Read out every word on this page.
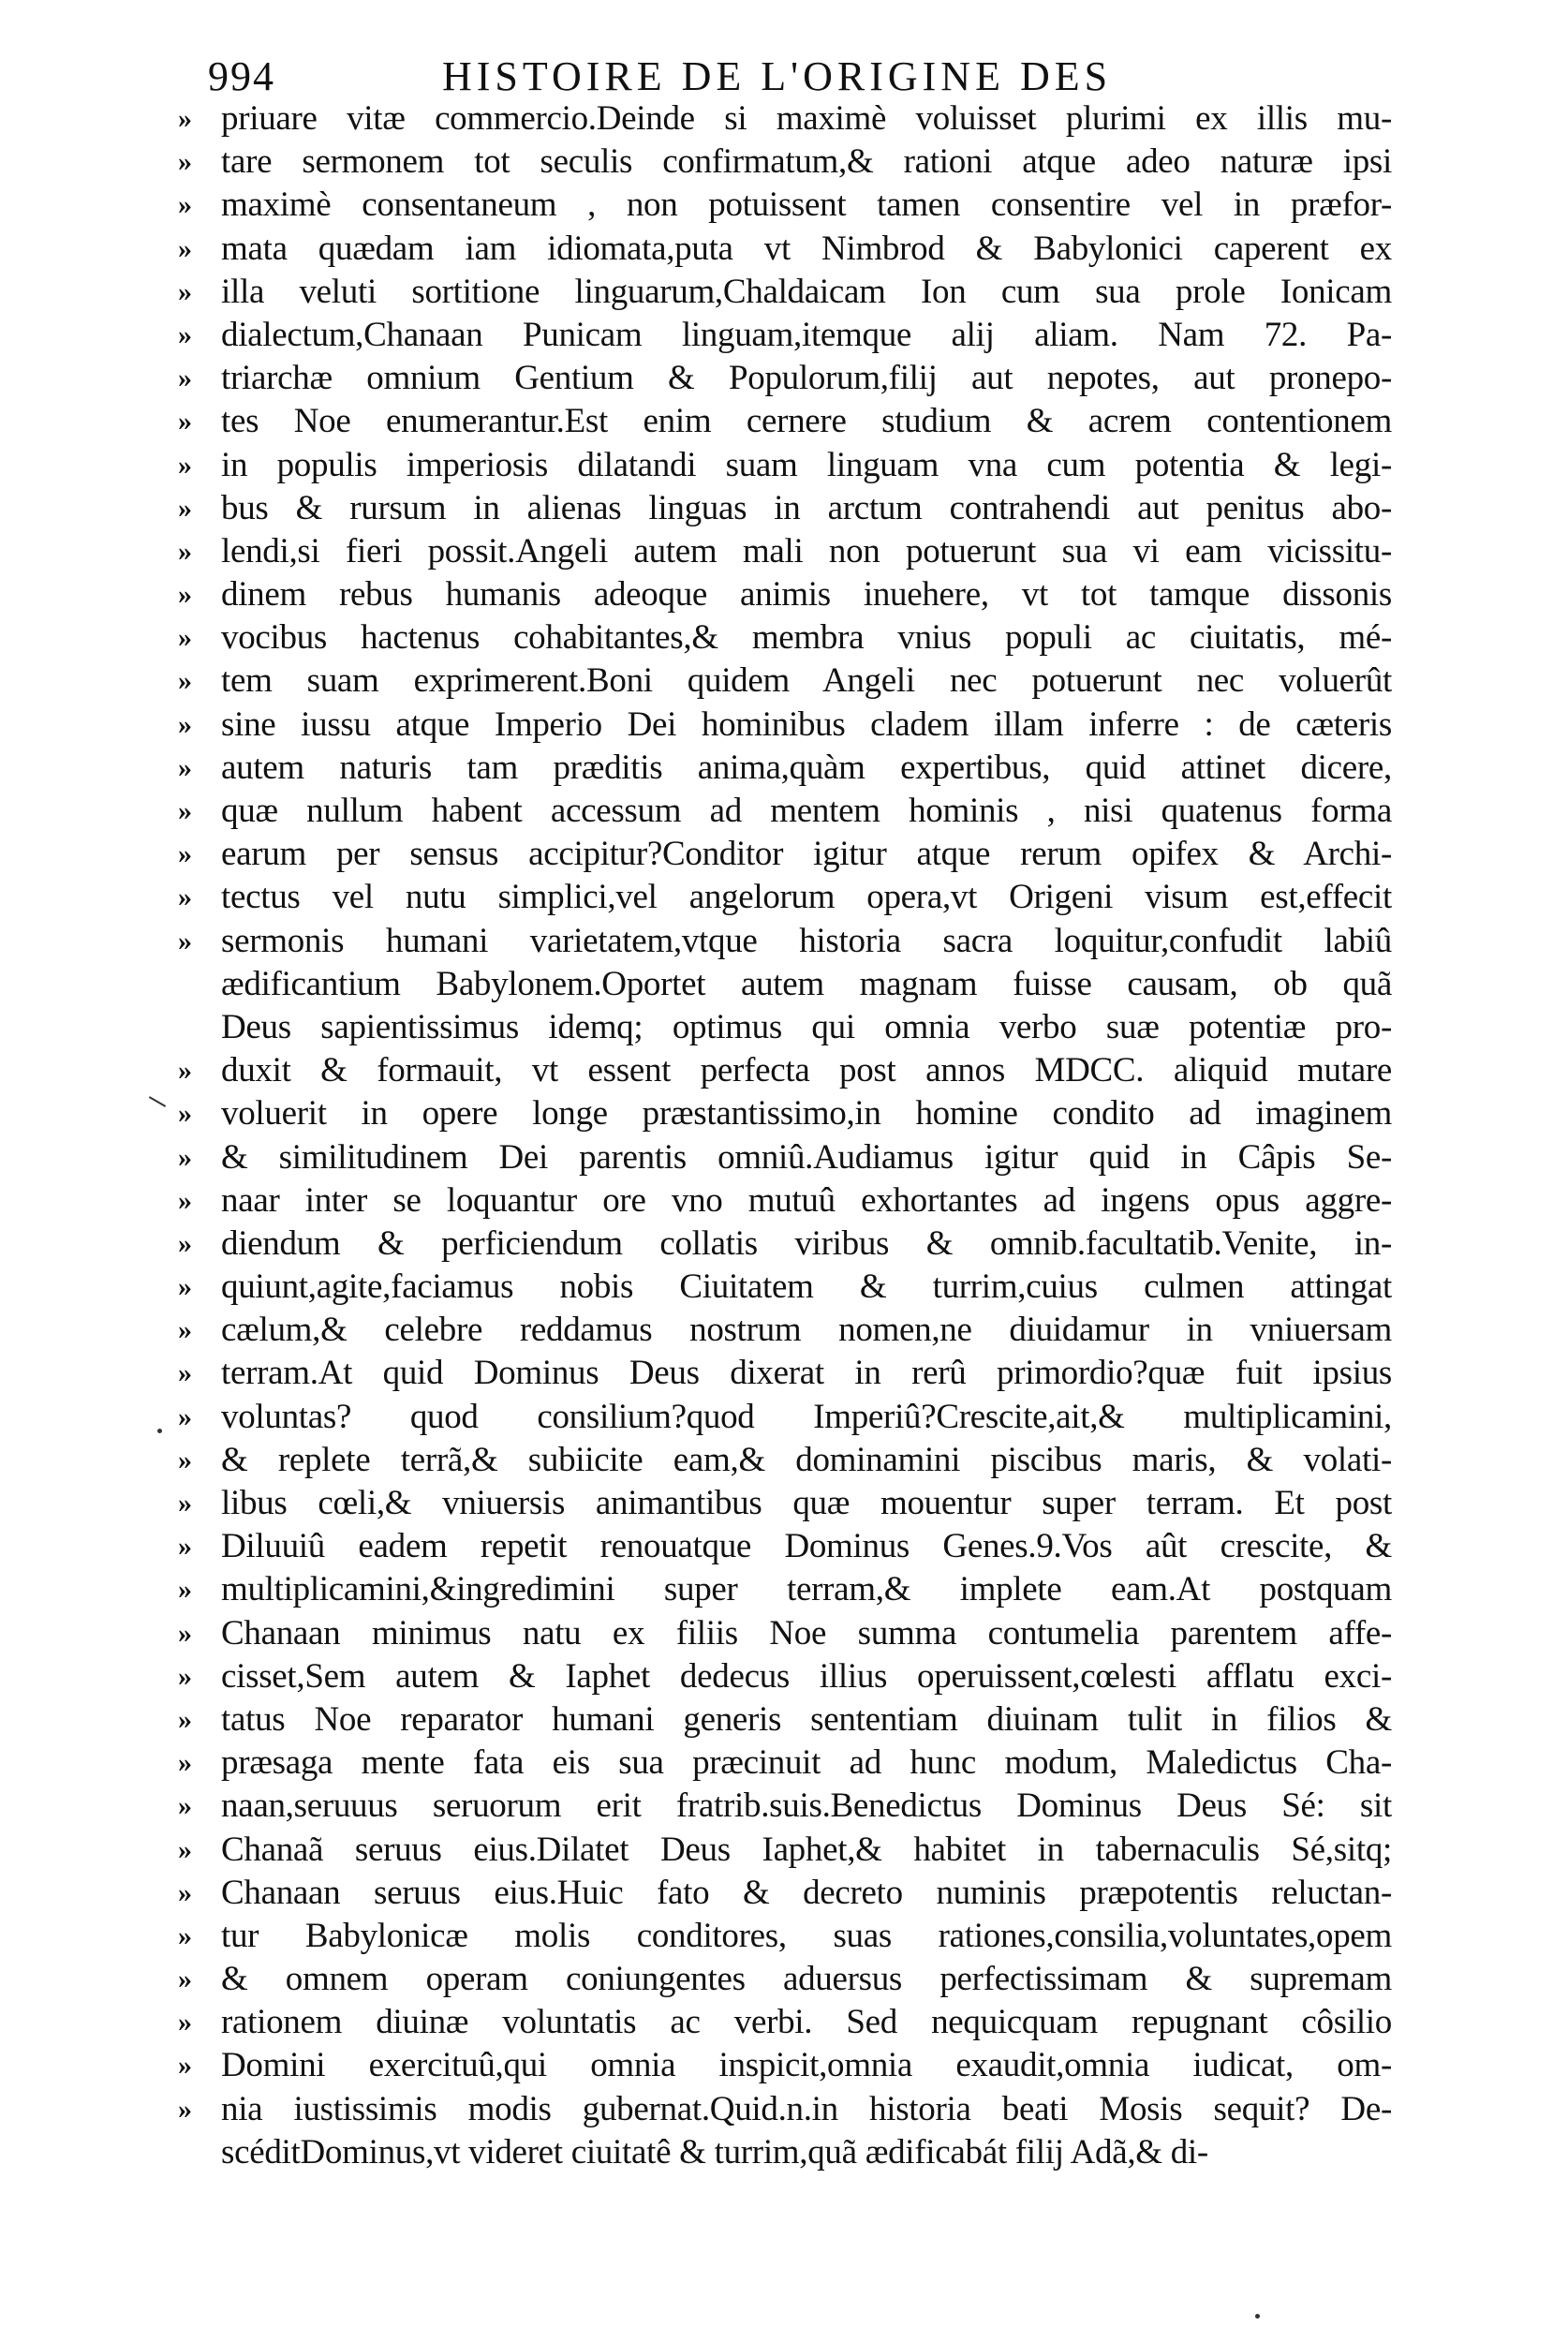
994	HISTOIRE DE L'ORIGINE DES
» priuare vitæ commercio.Deinde si maximè voluisset plurimi ex illis mu-
» tare sermonem tot seculis confirmatum,& rationi atque adeo naturæ ipsi
» maximè consentaneum , non potuissent tamen consentire vel in præfor-
» mata quædam iam idiomata,puta vt Nimbrod & Babylonici caperent ex
» illa veluti sortitione linguarum,Chaldaicam Ion cum sua prole Ionicam
» dialectum,Chanaan Punicam linguam,itemque alij aliam. Nam 72. Pa-
» triarchæ omnium Gentium & Populorum,filij aut nepotes, aut pronepo-
» tes Noe enumerantur.Est enim cernere studium & acrem contentionem
» in populis imperiosis dilatandi suam linguam vna cum potentia & legi-
» bus & rursum in alienas linguas in arctum contrahendi aut penitus abo-
» lendi,si fieri possit.Angeli autem mali non potuerunt sua vi eam vicissitu-
» dinem rebus humanis adeoque animis inuehere, vt tot tamque dissonis
» vocibus hactenus cohabitantes,& membra vnius populi ac ciuitatis, mé-
» tem suam exprimerent.Boni quidem Angeli nec potuerunt nec voluerût
» sine iussu atque Imperio Dei hominibus cladem illam inferre : de cæteris
» autem naturis tam præditis anima,quàm expertibus, quid attinet dicere,
» quæ nullum habent accessum ad mentem hominis , nisi quatenus forma
» earum per sensus accipitur?Conditor igitur atque rerum opifex & Archi-
» tectus vel nutu simplici,vel angelorum opera,vt Origeni visum est,effecit
» sermonis humani varietatem,vtque historia sacra loquitur,confudit labiû
ædificantium Babylonem.Oportet autem magnam fuisse causam, ob quã
Deus sapientissimus idemq; optimus qui omnia verbo suæ potentiæ pro-
» duxit & formauit, vt essent perfecta post annos MDCC. aliquid mutare
» voluerit in opere longe præstantissimo,in homine condito ad imaginem
» & similitudinem Dei parentis omniû.Audiamus igitur quid in Câpis Se-
» naar inter se loquantur ore vno mutuû exhortantes ad ingens opus aggre-
» diendum & perficiendum collatis viribus & omnib.facultatib.Venite, in-
» quiunt,agite,faciamus nobis Ciuitatem & turrim,cuius culmen attingat
» cælum,& celebre reddamus nostrum nomen,ne diuidamur in vniuersam
» terram.At quid Dominus Deus dixerat in rerû primordio?quæ fuit ipsius
» voluntas? quod consilium?quod Imperiû?Crescite,ait,& multiplicamini,
» & replete terrã,& subiicite eam,& dominamini piscibus maris, & volati-
» libus cœli,& vniuersis animantibus quæ mouentur super terram. Et post
» Diluuiû eadem repetit renouatque Dominus Genes.9.Vos aût crescite, &
» multiplicamini,&ingredimini super terram,& implete eam.At postquam
» Chanaan minimus natu ex filiis Noe summa contumelia parentem affe-
» cisset,Sem autem & Iaphet dedecus illius operuissent,cœlesti afflatu exci-
» tatus Noe reparator humani generis sententiam diuinam tulit in filios &
» præsaga mente fata eis sua præcinuit ad hunc modum, Maledictus Cha-
» naan,seruuus seruorum erit fratrib.suis.Benedictus Dominus Deus Sé: sit
» Chanaã seruus eius.Dilatet Deus Iaphet,& habitet in tabernaculis Sé,sitq;
» Chanaan seruus eius.Huic fato & decreto numinis præpotentis reluctan-
» tur Babylonicæ molis conditores, suas rationes,consilia,voluntates,opem
» & omnem operam coniungentes aduersus perfectissimam & supremam
» rationem diuinæ voluntatis ac verbi. Sed nequicquam repugnant côsilio
» Domini exercituû,qui omnia inspicit,omnia exaudit,omnia iudicat, om-
» nia iustissimis modis gubernat.Quid.n.in historia beati Mosis sequit? De-
scéditDominus,vt videret ciuitatê & turrim,quã ædificabát filij Adã,& di-
